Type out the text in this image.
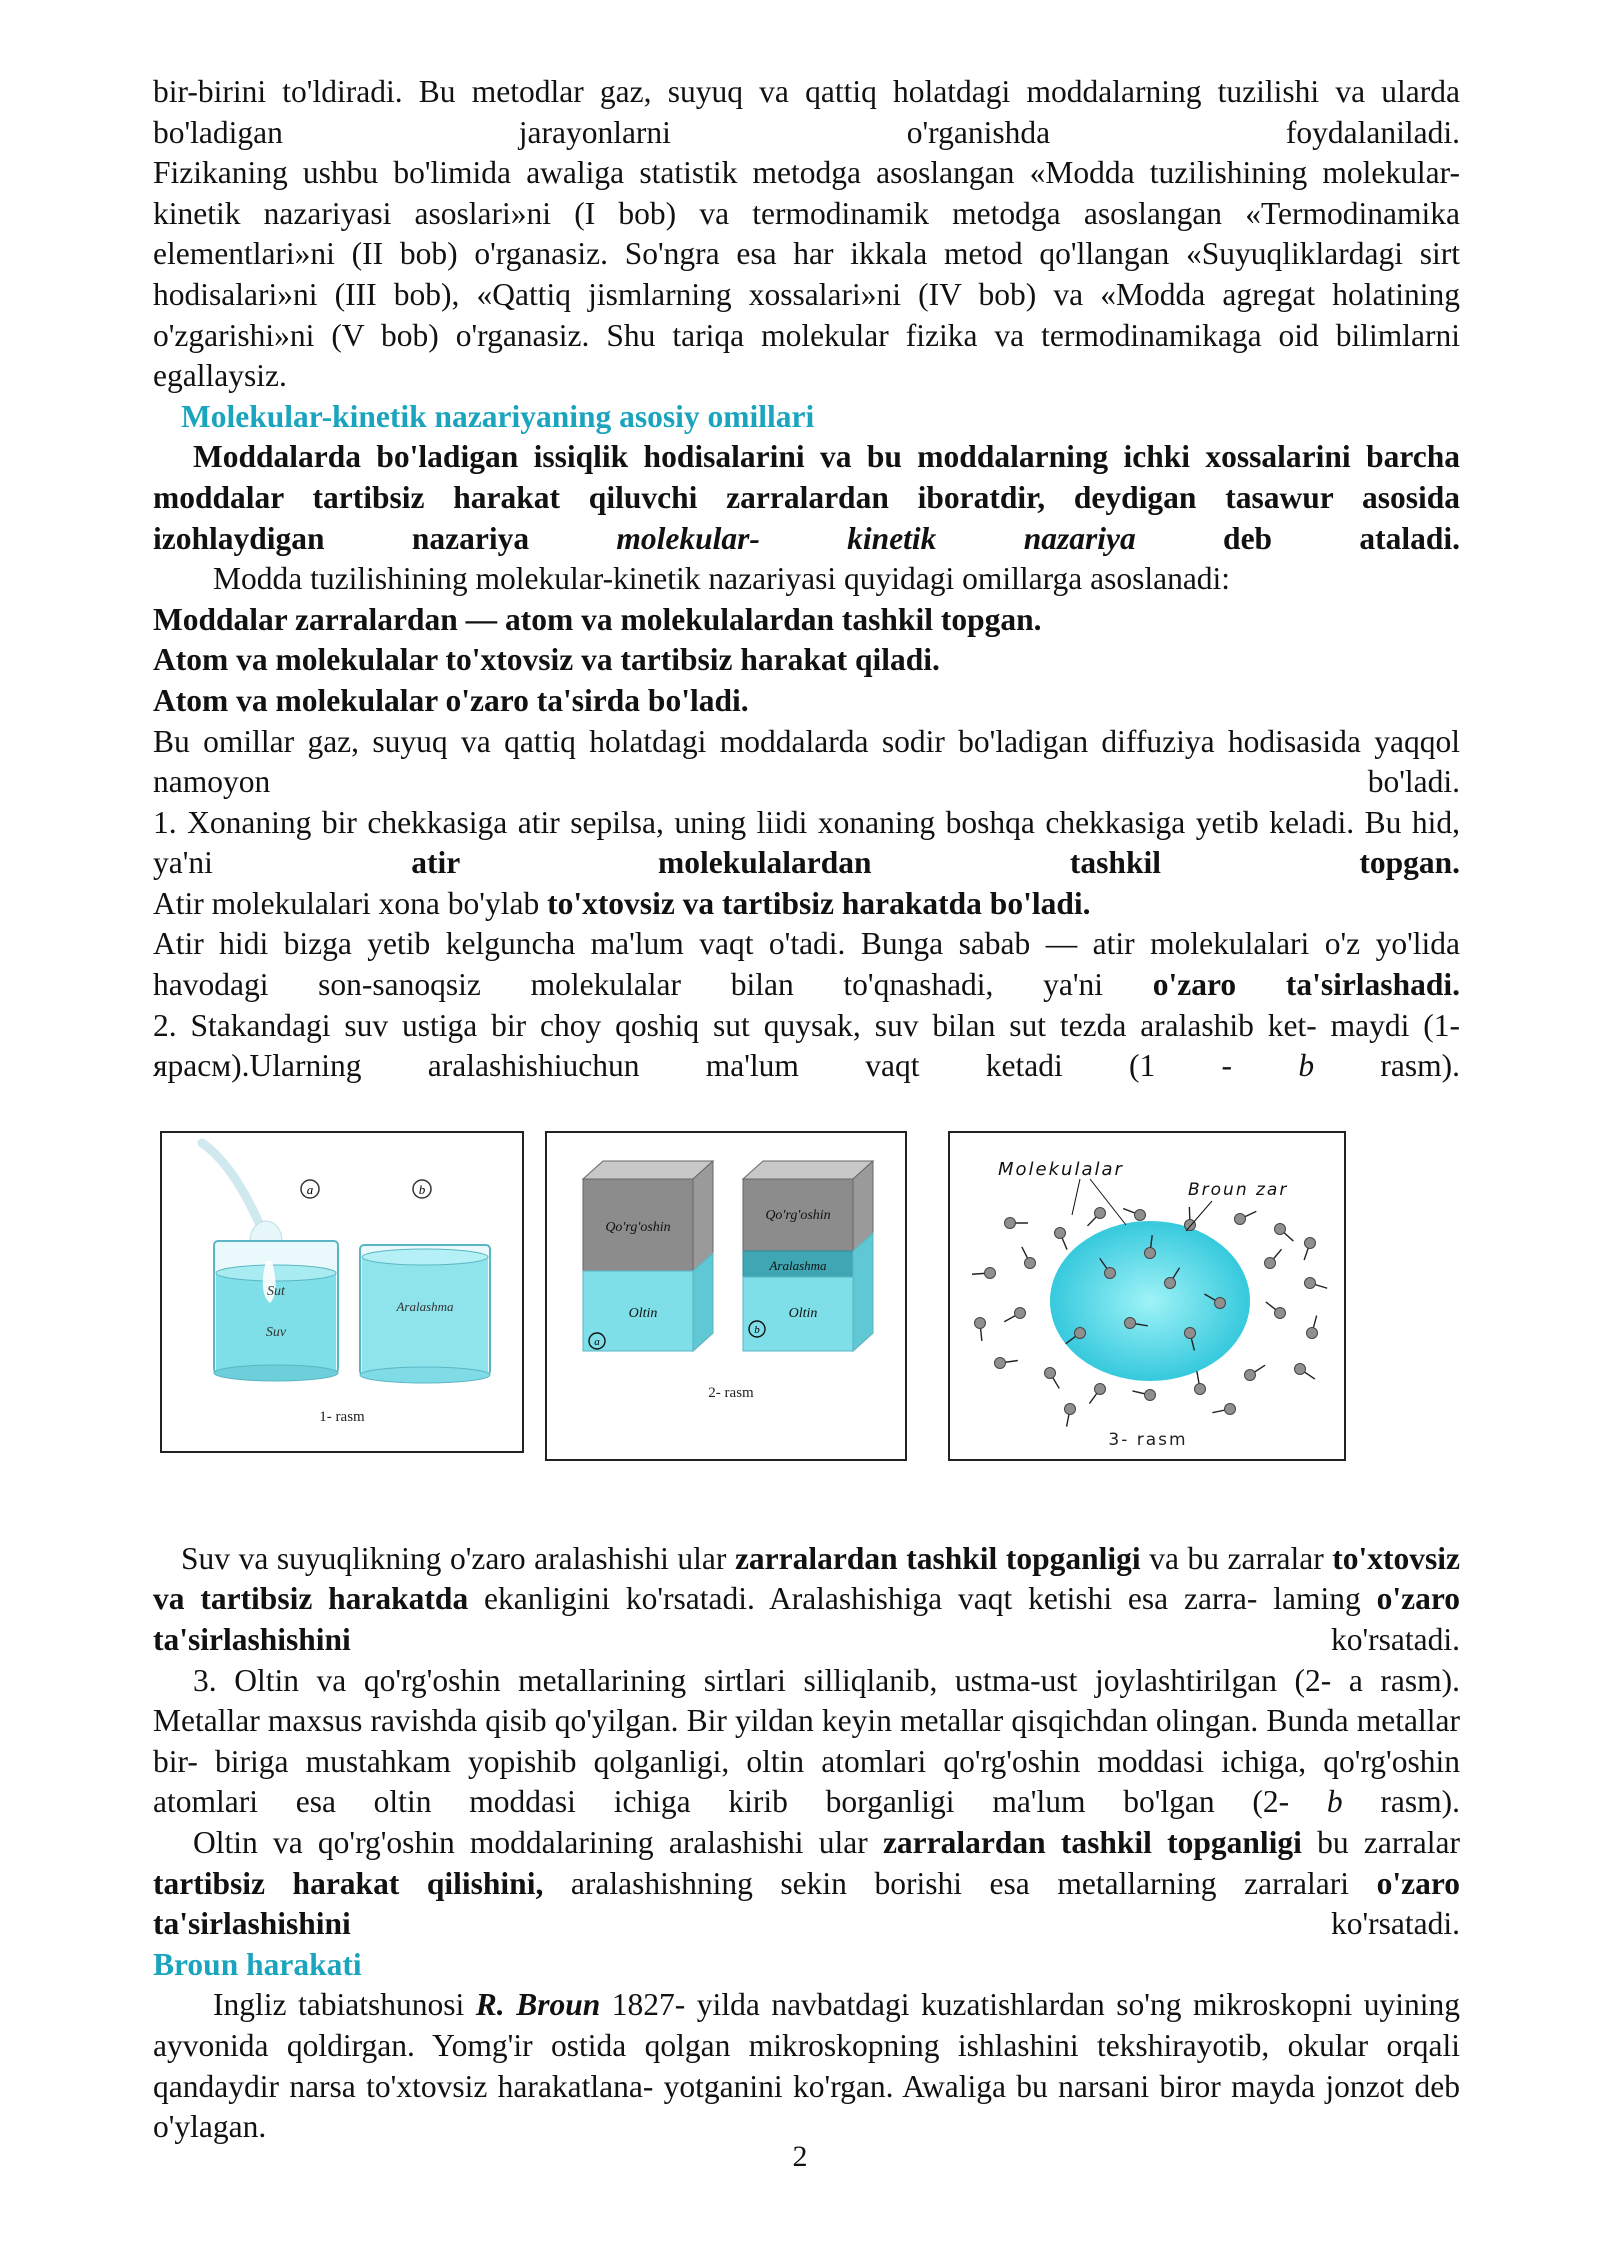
bir-birini to'ldiradi. Bu metodlar gaz, suyuq va qattiq holatdagi moddalarning tuzilishi va ularda bo'ladigan jarayonlarni o'rganishda foydalaniladi.

Fizikaning ushbu bo'limida awaliga statistik metodga asoslangan «Modda tuzilishining molekular-kinetik nazariyasi asoslari»ni (I bob) va termodinamik metodga asoslangan «Termodinamika elementlari»ni (II bob) o'rganasiz. So'ngra esa har ikkala metod qo'llangan «Suyuqliklardagi sirt hodisalari»ni (III bob), «Qattiq jismlarning xossalari»ni (IV bob) va «Modda agregat holatining o'zgarishi»ni (V bob) o'rganasiz. Shu tariqa molekular fizika va termodinamikaga oid bilimlarni egallaysiz.

Molekular-kinetik nazariyaning asosiy omillari

Moddalarda bo'ladigan issiqlik hodisalarini va bu moddalarning ichki xossalarini barcha moddalar tartibsiz harakat qiluvchi zarralardan iboratdir, deydigan tasawur asosida izohlaydigan nazariya molekular- kinetik nazariya deb ataladi.

Modda tuzilishining molekular-kinetik nazariyasi quyidagi omillarga asoslanadi:

Moddalar zarralardan — atom va molekulalardan tashkil topgan.

Atom va molekulalar to'xtovsiz va tartibsiz harakat qiladi.

Atom va molekulalar o'zaro ta'sirda bo'ladi.

Bu omillar gaz, suyuq va qattiq holatdagi moddalarda sodir bo'ladigan diffuziya hodisasida yaqqol namoyon bo'ladi.

1. Xonaning bir chekkasiga atir sepilsa, uning liidi xonaning boshqa chekkasiga yetib keladi. Bu hid, ya'ni atir molekulalardan tashkil topgan.

Atir molekulalari xona bo'ylab to'xtovsiz va tartibsiz harakatda bo'ladi.

Atir hidi bizga yetib kelguncha ma'lum vaqt o'tadi. Bunga sabab — atir molekulalari o'z yo'lida havodagi son-sanoqsiz molekulalar bilan to'qnashadi, ya'ni o'zaro ta'sirlashadi.

2. Stakandagi suv ustiga bir choy qoshiq sut quysak, suv bilan sut tezda aralashib ket- maydi (1-ярасм).Ularning aralashishiuchun ma'lum vaqt ketadi (1 - b rasm).

a	b
Sut
Suv
Aralashma
1- rasm
Qo'rg'oshin
Qo'rg'oshin
Aralashma
Oltin	Oltin
a
b
2- rasm
Molekulalar
Broun zar
3- rasm

Suv va suyuqlikning o'zaro aralashishi ular zarralardan tashkil topganligi va bu zarralar to'xtovsiz va tartibsiz harakatda ekanligini ko'rsatadi. Aralashishiga vaqt ketishi esa zarra- laming o'zaro ta'sirlashishini ko'rsatadi.

3. Oltin va qo'rg'oshin metallarining sirtlari silliqlanib, ustma-ust joylashtirilgan (2- a rasm). Metallar maxsus ravishda qisib qo'yilgan. Bir yildan keyin metallar qisqichdan olingan. Bunda metallar bir- biriga mustahkam yopishib qolganligi, oltin atomlari qo'rg'oshin moddasi ichiga, qo'rg'oshin atomlari esa oltin moddasi ichiga kirib borganligi ma'lum bo'lgan (2- b rasm).

Oltin va qo'rg'oshin moddalarining aralashishi ular zarralardan tashkil topganligi bu zarralar tartibsiz harakat qilishini, aralashishning sekin borishi esa metallarning zarralari o'zaro ta'sirlashishini ko'rsatadi.

Broun harakati

Ingliz tabiatshunosi R. Broun 1827- yilda navbatdagi kuzatishlardan so'ng mikroskopni uyining ayvonida qoldirgan. Yomg'ir ostida qolgan mikroskopning ishlashini tekshirayotib, okular orqali qandaydir narsa to'xtovsiz harakatlana- yotganini ko'rgan. Awaliga bu narsani biror mayda jonzot deb o'ylagan.

2
